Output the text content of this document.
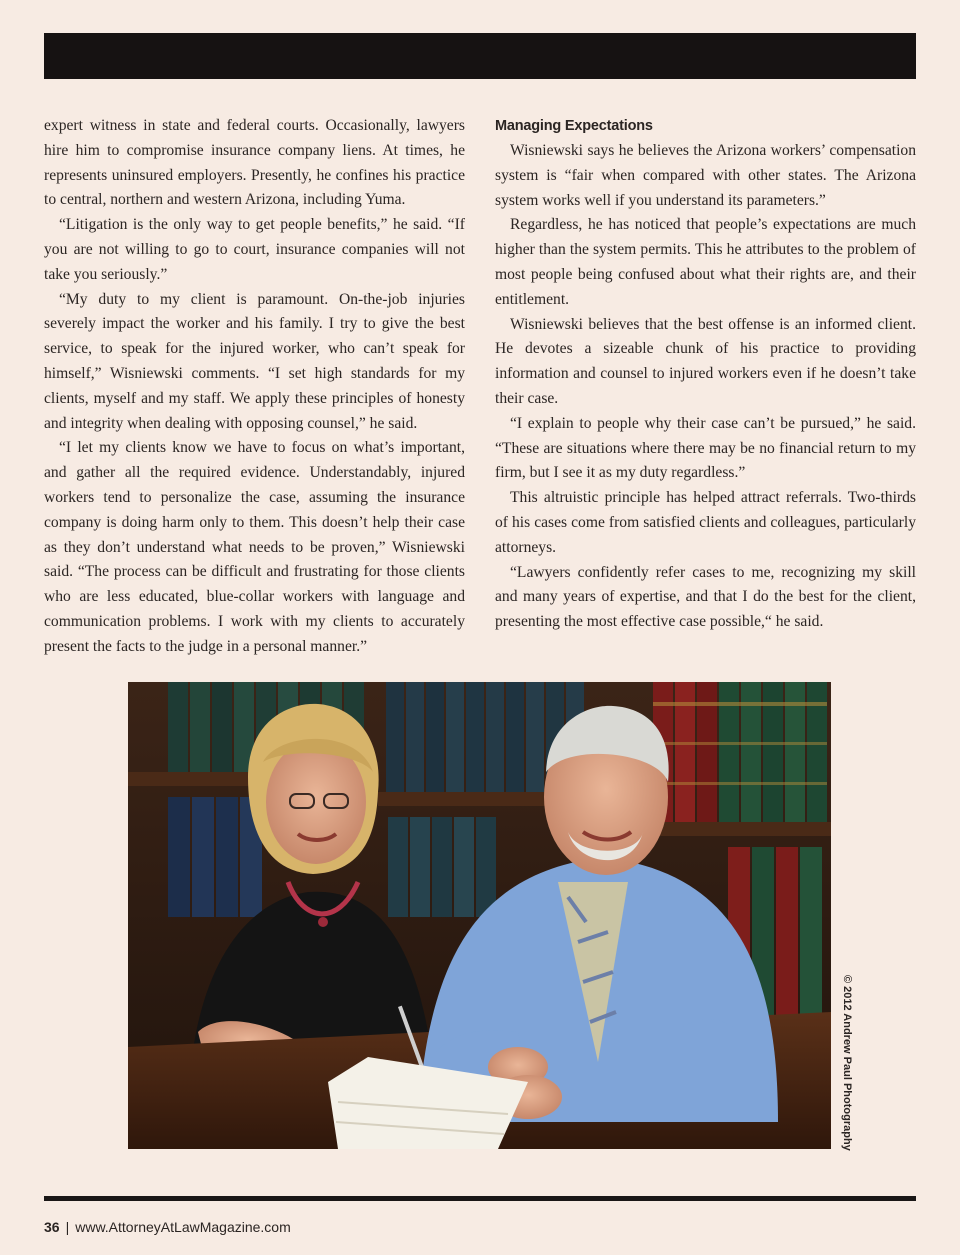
expert witness in state and federal courts. Occasionally, lawyers hire him to compromise insurance company liens. At times, he represents uninsured employers. Presently, he confines his practice to central, northern and western Arizona, including Yuma.

“Litigation is the only way to get people benefits,” he said. “If you are not willing to go to court, insurance companies will not take you seriously.”

“My duty to my client is paramount. On-the-job injuries severely impact the worker and his family. I try to give the best service, to speak for the injured worker, who can’t speak for himself,” Wisniewski comments. “I set high standards for my clients, myself and my staff. We apply these principles of honesty and integrity when dealing with opposing counsel,” he said.

“I let my clients know we have to focus on what’s important, and gather all the required evidence. Understandably, injured workers tend to personalize the case, assuming the insurance company is doing harm only to them. This doesn’t help their case as they don’t understand what needs to be proven,” Wisniewski said. “The process can be difficult and frustrating for those clients who are less educated, blue-collar workers with language and communication problems. I work with my clients to accurately present the facts to the judge in a personal manner.”

Managing Expectations

Wisniewski says he believes the Arizona workers’ compensation system is “fair when compared with other states. The Arizona system works well if you understand its parameters.”

Regardless, he has noticed that people’s expectations are much higher than the system permits. This he attributes to the problem of most people being confused about what their rights are, and their entitlement.

Wisniewski believes that the best offense is an informed client. He devotes a sizeable chunk of his practice to providing information and counsel to injured workers even if he doesn’t take their case.

“I explain to people why their case can’t be pursued,” he said. “These are situations where there may be no financial return to my firm, but I see it as my duty regardless.”

This altruistic principle has helped attract referrals. Two-thirds of his cases come from satisfied clients and colleagues, particularly attorneys.

“Lawyers confidently refer cases to me, recognizing my skill and many years of expertise, and that I do the best for the client, presenting the most effective case possible,“ he said.

© 2012 Andrew Paul Photography
36 | www.AttorneyAtLawMagazine.com
